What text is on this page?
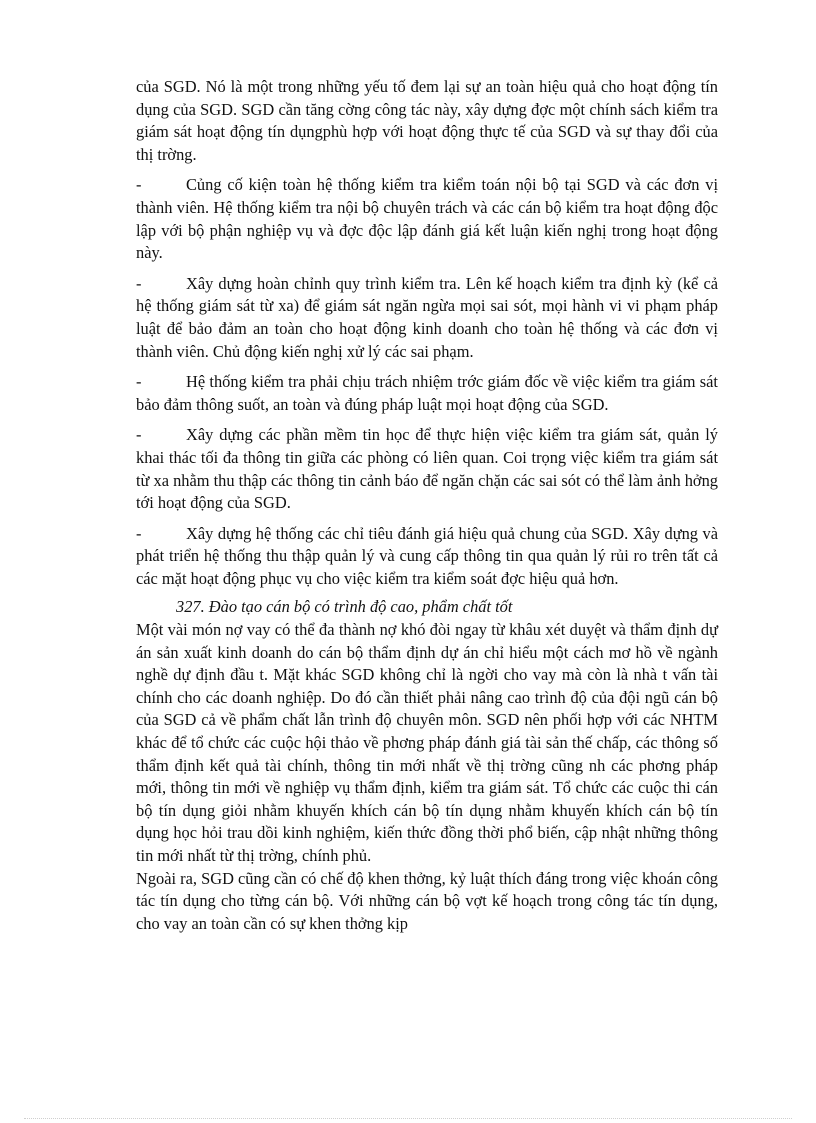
của SGD. Nó là một trong những yếu tố đem lại sự an toàn hiệu quả cho hoạt động tín dụng của SGD. SGD cần tăng cờng công tác này, xây dựng đợc một chính sách kiểm tra giám sát hoạt động tín dụngphù hợp với hoạt động thực tế của SGD và sự thay đổi của thị trờng.

-	Củng cố kiện toàn hệ thống kiểm tra kiểm toán nội bộ tại SGD và các đơn vị thành viên. Hệ thống kiểm tra nội bộ chuyên trách và các cán bộ kiểm tra hoạt động độc lập với bộ phận nghiệp vụ và đợc độc lập đánh giá kết luận kiến nghị trong hoạt động này.

-	Xây dựng hoàn chỉnh quy trình kiểm tra. Lên kế hoạch kiểm tra định kỳ (kể cả hệ thống giám sát từ xa) để giám sát ngăn ngừa mọi sai sót, mọi hành vi vi phạm pháp luật để bảo đảm an toàn cho hoạt động kinh doanh cho toàn hệ thống và các đơn vị thành viên. Chủ động kiến nghị xử lý các sai phạm.

-	Hệ thống kiểm tra phải chịu trách nhiệm trớc giám đốc về việc kiểm tra giám sát bảo đảm thông suốt, an toàn và đúng pháp luật mọi hoạt động của SGD.

-	Xây dựng các phần mềm tin học để thực hiện việc kiểm tra giám sát, quản lý khai thác tối đa thông tin giữa các phòng có liên quan. Coi trọng việc kiểm tra giám sát từ xa nhằm thu thập các thông tin cảnh báo để ngăn chặn các sai sót có thể làm ảnh hởng tới hoạt động của SGD.

-	Xây dựng hệ thống các chỉ tiêu đánh giá hiệu quả chung của SGD. Xây dựng và phát triển hệ thống thu thập quản lý và cung cấp thông tin qua quản lý rủi ro trên tất cả các mặt hoạt động phục vụ cho việc kiểm tra kiểm soát đợc hiệu quả hơn.

327. Đào tạo cán bộ có trình độ cao, phẩm chất tốt

Một vài món nợ vay có thể đa thành nợ khó đòi ngay từ khâu xét duyệt và thẩm định dự án sản xuất kinh doanh do cán bộ thẩm định dự án chỉ hiểu một cách mơ hồ về ngành nghề dự định đầu t. Mặt khác SGD không chỉ là ngời cho vay mà còn là nhà t vấn tài chính cho các doanh nghiệp. Do đó cần thiết phải nâng cao trình độ của đội ngũ cán bộ của SGD cả về phẩm chất lẫn trình độ chuyên môn. SGD nên phối hợp với các NHTM khác để tổ chức các cuộc hội thảo về phơng pháp đánh giá tài sản thế chấp, các thông số thẩm định kết quả tài chính, thông tin mới nhất về thị trờng cũng nh các phơng pháp mới, thông tin mới về nghiệp vụ thẩm định, kiểm tra giám sát. Tổ chức các cuộc thi cán bộ tín dụng giỏi nhằm khuyến khích cán bộ tín dụng nhằm khuyến khích cán bộ tín dụng học hỏi trau dồi kinh nghiệm, kiến thức đồng thời phổ biến, cập nhật những thông tin mới nhất từ thị trờng, chính phủ.

Ngoài ra, SGD cũng cần có chế độ khen thởng, kỷ luật thích đáng trong việc khoán công tác tín dụng cho từng cán bộ. Với những cán bộ vợt kế hoạch trong công tác tín dụng, cho vay an toàn cần có sự khen thởng kịp
